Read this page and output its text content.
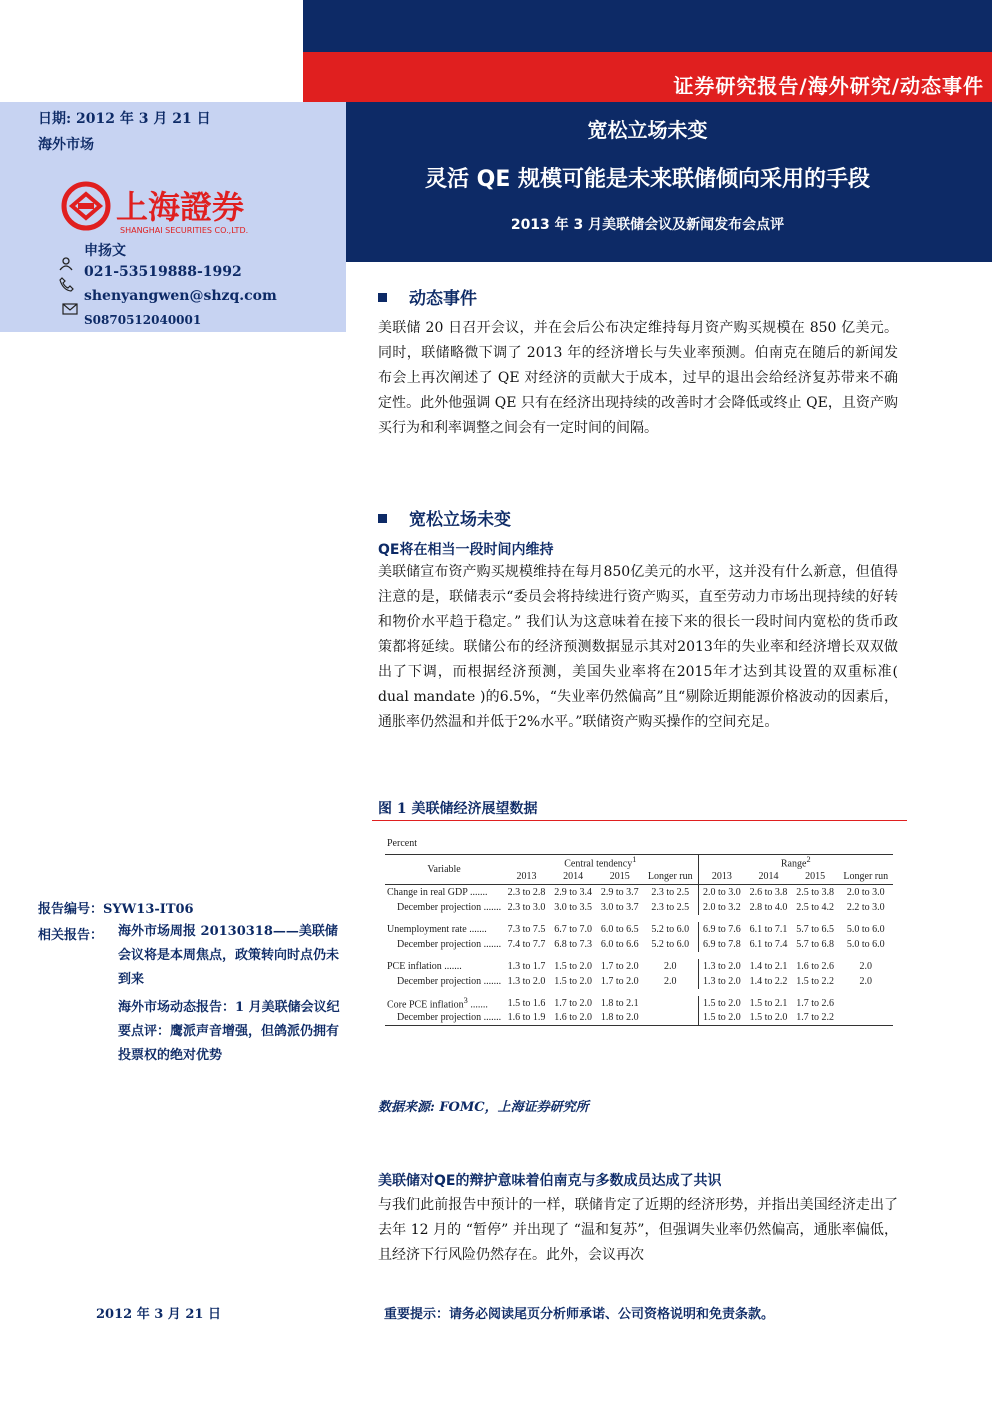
证券研究报告/海外研究/动态事件
宽松立场未变
灵活 QE 规模可能是未来联储倾向采用的手段
2013 年 3 月美联储会议及新闻发布会点评
日期: 2012 年 3 月 21 日
海外市场
上海證券
SHANGHAI SECURITIES CO.,LTD.
申扬文
021-53519888-1992
shenyangwen@shzq.com
S0870512040001
动态事件
美联储 20 日召开会议，并在会后公布决定维持每月资产购买规模在 850 亿美元。同时，联储略微下调了 2013 年的经济增长与失业率预测。伯南克在随后的新闻发布会上再次阐述了 QE 对经济的贡献大于成本，过早的退出会给经济复苏带来不确定性。此外他强调 QE 只有在经济出现持续的改善时才会降低或终止 QE，且资产购买行为和利率调整之间会有一定时间的间隔。
宽松立场未变
QE将在相当一段时间内维持
美联储宣布资产购买规模维持在每月850亿美元的水平，这并没有什么新意，但值得注意的是，联储表示“委员会将持续进行资产购买，直至劳动力市场出现持续的好转和物价水平趋于稳定。” 我们认为这意味着在接下来的很长一段时间内宽松的货币政策都将延续。联储公布的经济预测数据显示其对2013年的失业率和经济增长双双做出了下调，而根据经济预测，美国失业率将在2015年才达到其设置的双重标准( dual mandate )的6.5%，“失业率仍然偏高”且“剔除近期能源价格波动的因素后，通胀率仍然温和并低于2%水平。”联储资产购买操作的空间充足。
图 1 美联储经济展望数据
Percent
Variable	Central tendency$^1$				Range$^2$
	2013	2014	2015	Longer run	2013	2014	2015	Longer run
Change in real GDP .......	2.3 to 2.8	2.9 to 3.4	2.9 to 3.7	2.3 to 2.5	2.0 to 3.0	2.6 to 3.8	2.5 to 3.8	2.0 to 3.0
December projection .......	2.3 to 3.0	3.0 to 3.5	3.0 to 3.7	2.3 to 2.5	2.0 to 3.2	2.8 to 4.0	2.5 to 4.2	2.2 to 3.0

Unemployment rate .......	7.3 to 7.5	6.7 to 7.0	6.0 to 6.5	5.2 to 6.0	6.9 to 7.6	6.1 to 7.1	5.7 to 6.5	5.0 to 6.0
December projection .......	7.4 to 7.7	6.8 to 7.3	6.0 to 6.6	5.2 to 6.0	6.9 to 7.8	6.1 to 7.4	5.7 to 6.8	5.0 to 6.0

PCE inflation .......	1.3 to 1.7	1.5 to 2.0	1.7 to 2.0	2.0	1.3 to 2.0	1.4 to 2.1	1.6 to 2.6	2.0
December projection .......	1.3 to 2.0	1.5 to 2.0	1.7 to 2.0	2.0	1.3 to 2.0	1.4 to 2.2	1.5 to 2.2	2.0

Core PCE inflation$^3$ .......	1.5 to 1.6	1.7 to 2.0	1.8 to 2.1		1.5 to 2.0	1.5 to 2.1	1.7 to 2.6	
December projection .......	1.6 to 1.9	1.6 to 2.0	1.8 to 2.0		1.5 to 2.0	1.5 to 2.0	1.7 to 2.2	
数据来源: FOMC，上海证券研究所
美联储对QE的辩护意味着伯南克与多数成员达成了共识
与我们此前报告中预计的一样，联储肯定了近期的经济形势，并指出美国经济走出了去年 12 月的 “暂停” 并出现了 “温和复苏”，但强调失业率仍然偏高，通胀率偏低，且经济下行风险仍然存在。此外，会议再次
报告编号：SYW13-IT06
相关报告： 海外市场周报 20130318——美联储会议将是本周焦点，政策转向时点仍未到来
海外市场动态报告：1 月美联储会议纪要点评：鹰派声音增强，但鸽派仍拥有投票权的绝对优势
2012 年 3 月 21 日	重要提示：请务必阅读尾页分析师承诺、公司资格说明和免责条款。
